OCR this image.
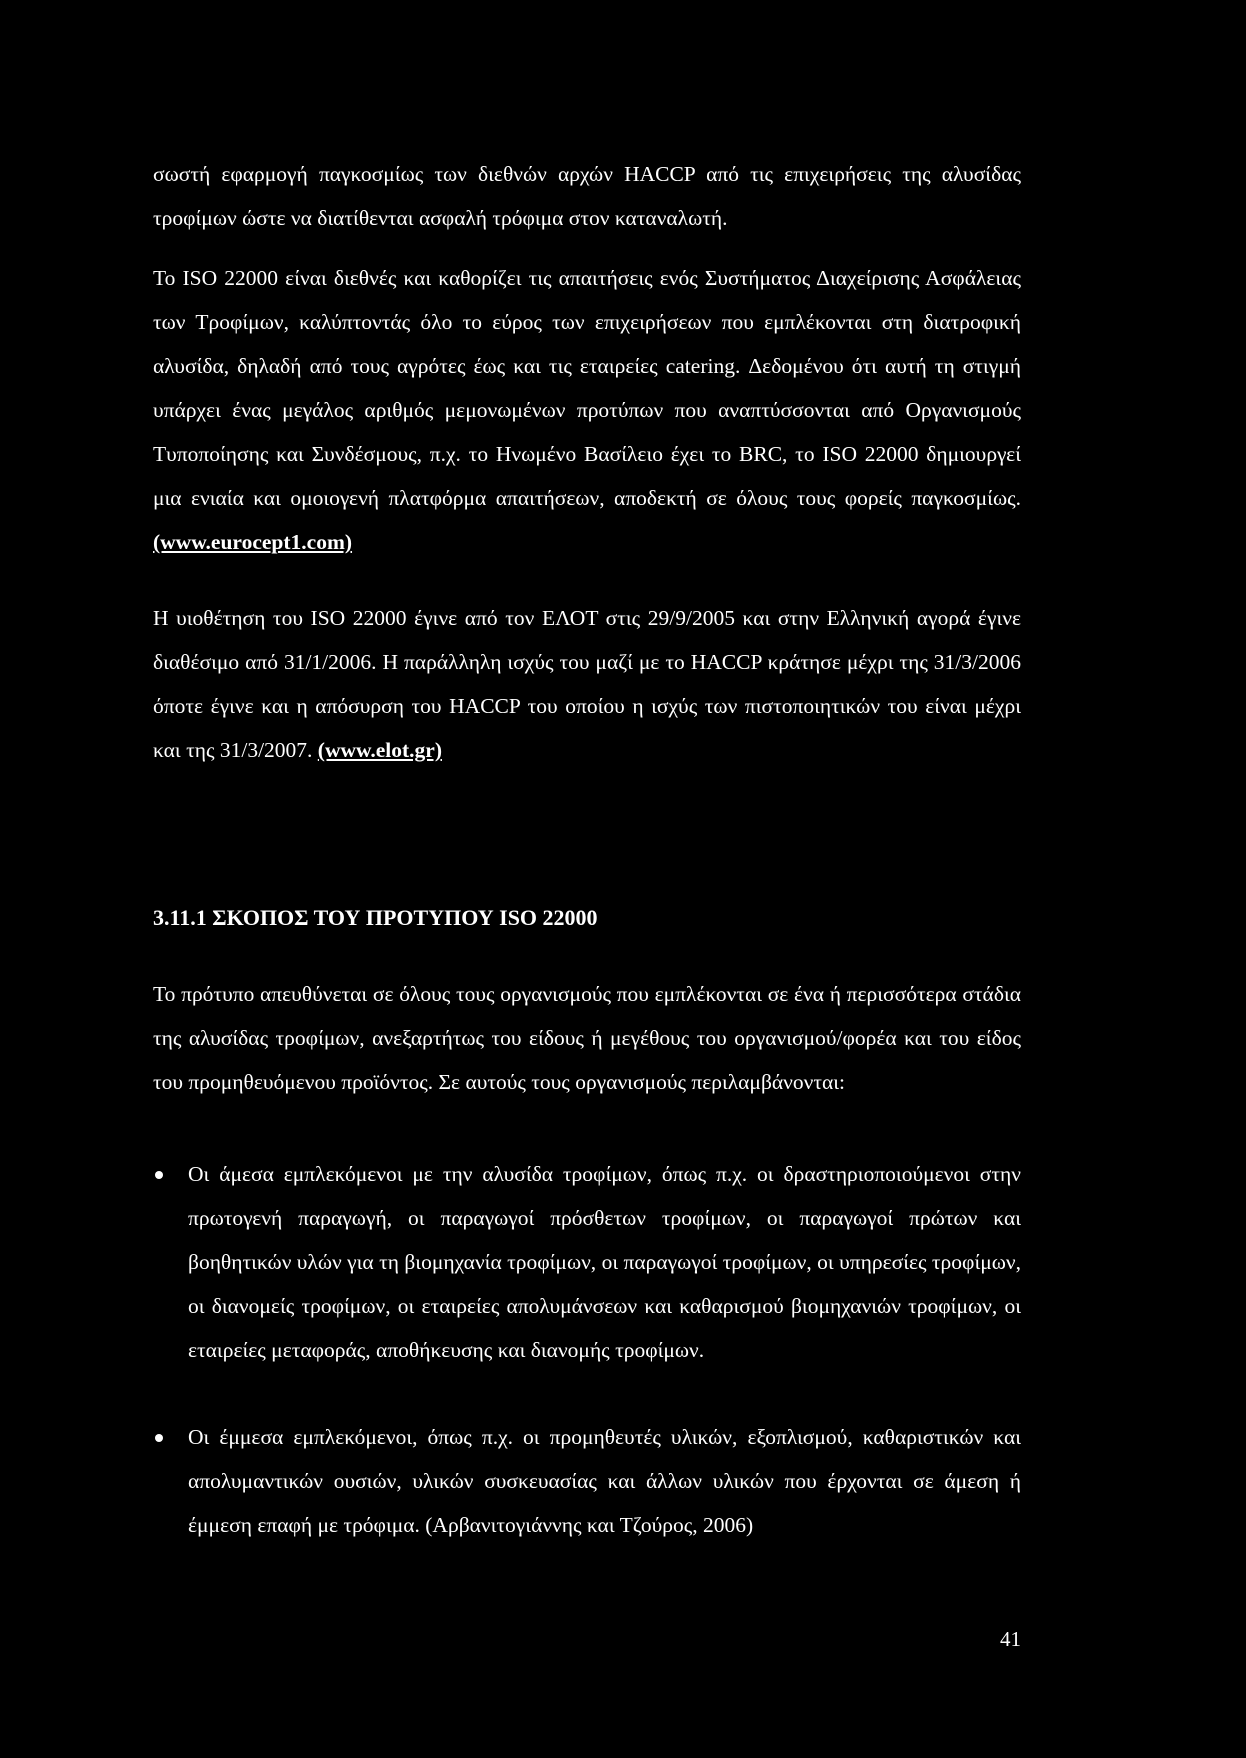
σωστή εφαρμογή παγκοσμίως των διεθνών αρχών HACCP από τις επιχειρήσεις της αλυσίδας τροφίμων ώστε να διατίθενται ασφαλή τρόφιμα στον καταναλωτή.

Το ISO 22000 είναι διεθνές και καθορίζει τις απαιτήσεις ενός Συστήματος Διαχείρισης Ασφάλειας των Τροφίμων, καλύπτοντάς όλο το εύρος των επιχειρήσεων που εμπλέκονται στη διατροφική αλυσίδα, δηλαδή από τους αγρότες έως και τις εταιρείες catering. Δεδομένου ότι αυτή τη στιγμή υπάρχει ένας μεγάλος αριθμός μεμονωμένων προτύπων που αναπτύσσονται από Οργανισμούς Τυποποίησης και Συνδέσμους, π.χ. το Ηνωμένο Βασίλειο έχει το BRC, το ISO 22000 δημιουργεί μια ενιαία και ομοιογενή πλατφόρμα απαιτήσεων, αποδεκτή σε όλους τους φορείς παγκοσμίως. (www.eurocept1.com)

Η υιοθέτηση του ISO 22000 έγινε από τον ΕΛΟΤ στις 29/9/2005 και στην Ελληνική αγορά έγινε διαθέσιμο από 31/1/2006. Η παράλληλη ισχύς του μαζί με το HACCP κράτησε μέχρι της 31/3/2006 όποτε έγινε και η απόσυρση του HACCP του οποίου η ισχύς των πιστοποιητικών του είναι μέχρι και της 31/3/2007. (www.elot.gr)

3.11.1 ΣΚΟΠΟΣ ΤΟΥ ΠΡΟΤΥΠΟΥ ISO 22000

Το πρότυπο απευθύνεται σε όλους τους οργανισμούς που εμπλέκονται σε ένα ή περισσότερα στάδια της αλυσίδας τροφίμων, ανεξαρτήτως του είδους ή μεγέθους του οργανισμού/φορέα και του είδος του προμηθευόμενου προϊόντος. Σε αυτούς τους οργανισμούς περιλαμβάνονται:

Οι άμεσα εμπλεκόμενοι με την αλυσίδα τροφίμων, όπως π.χ. οι δραστηριοποιούμενοι στην πρωτογενή παραγωγή, οι παραγωγοί πρόσθετων τροφίμων, οι παραγωγοί πρώτων και βοηθητικών υλών για τη βιομηχανία τροφίμων, οι παραγωγοί τροφίμων, οι υπηρεσίες τροφίμων, οι διανομείς τροφίμων, οι εταιρείες απολυμάνσεων και καθαρισμού βιομηχανιών τροφίμων, οι εταιρείες μεταφοράς, αποθήκευσης και διανομής τροφίμων.
Οι έμμεσα εμπλεκόμενοι, όπως π.χ. οι προμηθευτές υλικών, εξοπλισμού, καθαριστικών και απολυμαντικών ουσιών, υλικών συσκευασίας και άλλων υλικών που έρχονται σε άμεση ή έμμεση επαφή με τρόφιμα. (Αρβανιτογιάννης και Τζούρος, 2006)
41
